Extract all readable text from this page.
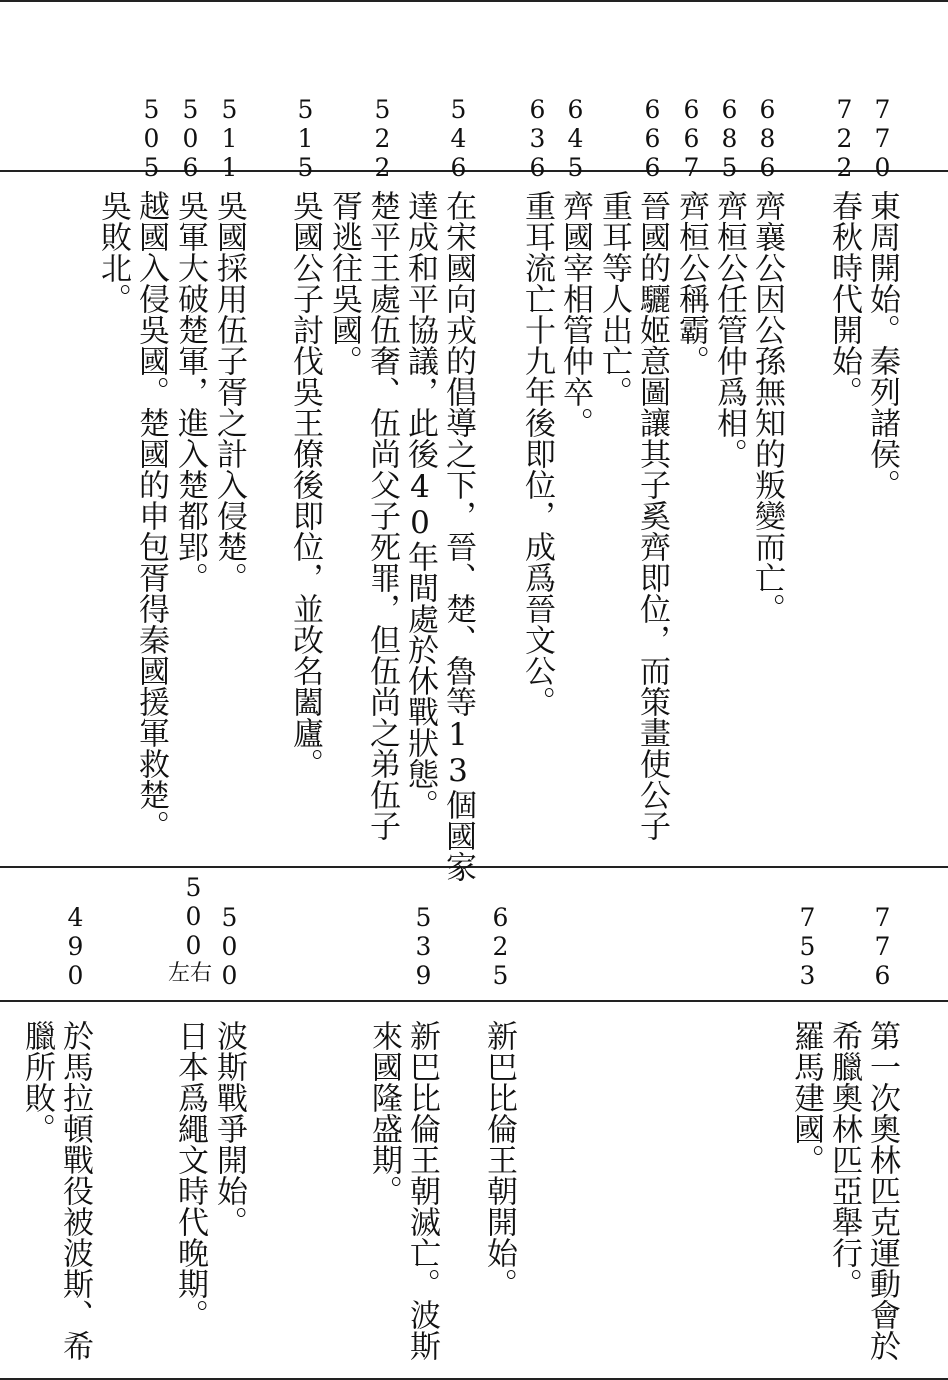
770
722
686
685
667
666
645
636
546
522
515
511
506
505
東周開始。秦列諸侯。
春秋時代開始。
齊襄公因公孫無知的叛變而亡。
齊桓公任管仲爲相。
齊桓公稱霸。
晉國的驪姬意圖讓其子奚齊即位，而策畫使公子
重耳等人出亡。
齊國宰相管仲卒。
重耳流亡十九年後即位，成爲晉文公。
在宋國向戎的倡導之下，晉、楚、魯等13個國家
達成和平協議，此後40年間處於休戰狀態。
楚平王處伍奢、伍尚父子死罪，但伍尚之弟伍子
胥逃往吳國。
吳國公子討伐吳王僚後即位，並改名闔廬。
吳國採用伍子胥之計入侵楚。
吳軍大破楚軍，進入楚都郢。
越國入侵吳國。楚國的申包胥得秦國援軍救楚。
吳敗北。
776
753
625
539
500
500
左右
490
第一次奧林匹克運動會於
希臘奧林匹亞舉行。
羅馬建國。
新巴比倫王朝開始。
新巴比倫王朝滅亡。波斯
來國隆盛期。
波斯戰爭開始。
日本爲繩文時代晚期。
於馬拉頓戰役被波斯、希
臘所敗。
